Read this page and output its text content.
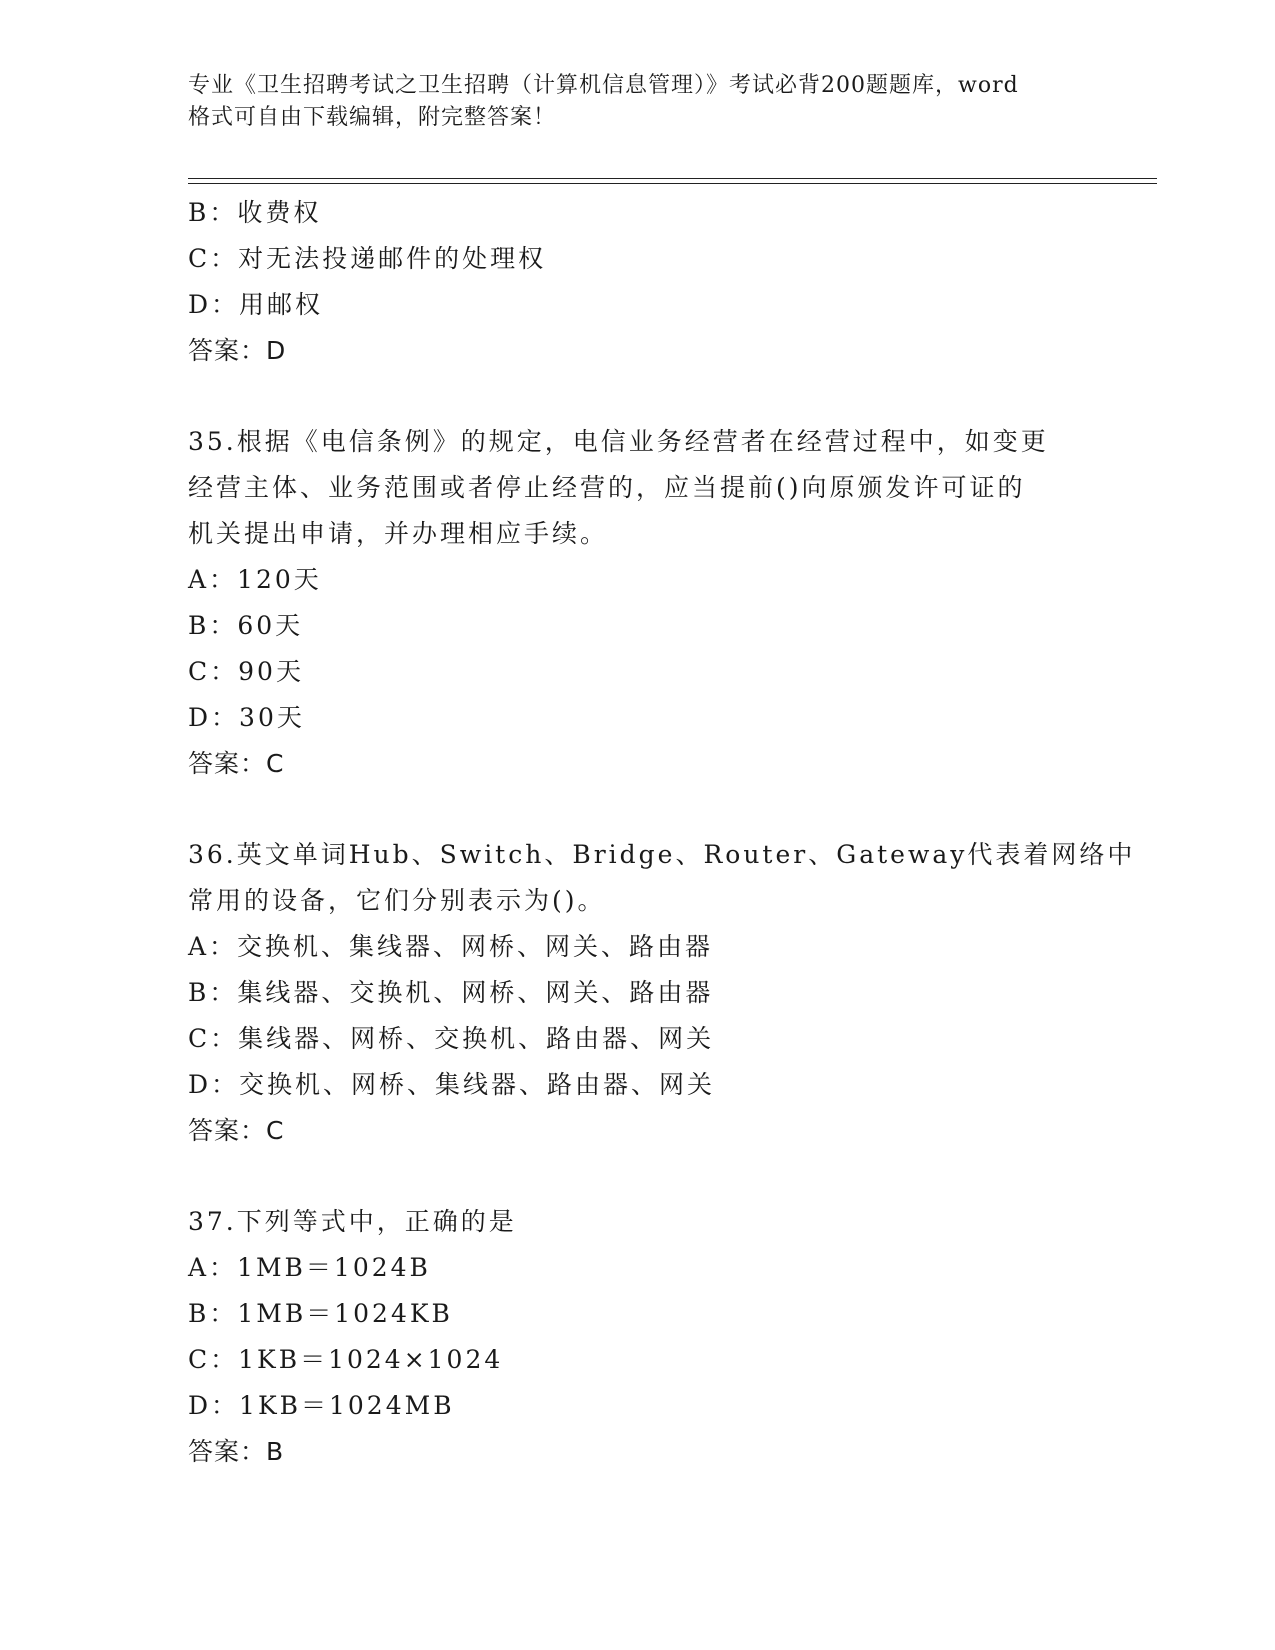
专业《卫生招聘考试之卫生招聘（计算机信息管理）》考试必背200题题库，word
格式可自由下载编辑，附完整答案！
B：收费权
C：对无法投递邮件的处理权
D：用邮权
答案：D
35.根据《电信条例》的规定，电信业务经营者在经营过程中，如变更
经营主体、业务范围或者停止经营的，应当提前()向原颁发许可证的
机关提出申请，并办理相应手续。
A：120天
B：60天
C：90天
D：30天
答案：C
36.英文单词Hub、Switch、Bridge、Router、Gateway代表着网络中
常用的设备，它们分别表示为()。
A：交换机、集线器、网桥、网关、路由器
B：集线器、交换机、网桥、网关、路由器
C：集线器、网桥、交换机、路由器、网关
D：交换机、网桥、集线器、路由器、网关
答案：C
37.下列等式中，正确的是
A：1MB＝1024B
B：1MB＝1024KB
C：1KB＝1024×1024
D：1KB＝1024MB
答案：B
